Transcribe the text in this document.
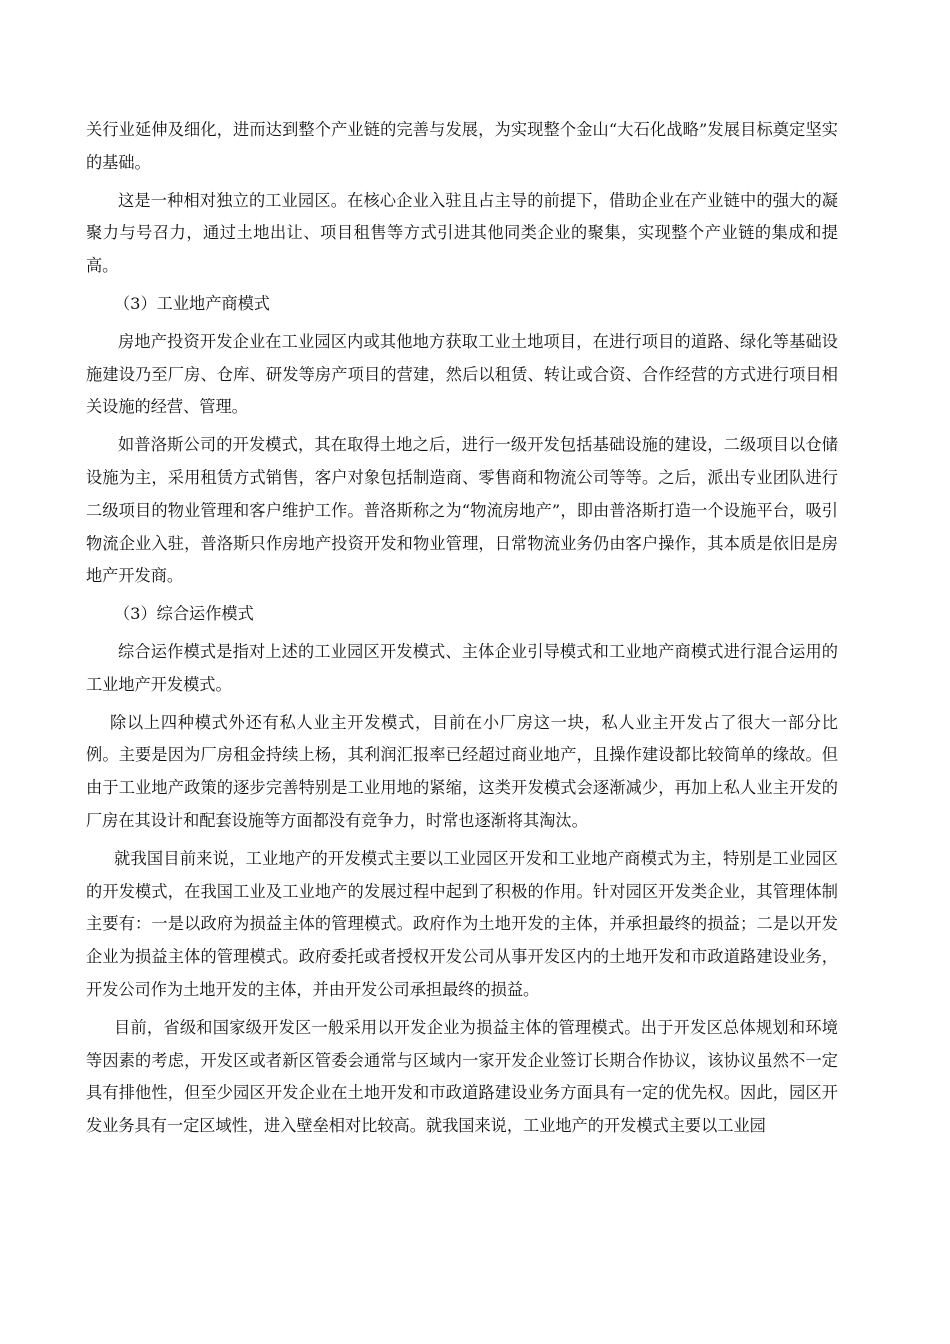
关行业延伸及细化，进而达到整个产业链的完善与发展，为实现整个金山“大石化战略”发展目标奠定坚实的基础。

这是一种相对独立的工业园区。在核心企业入驻且占主导的前提下，借助企业在产业链中的强大的凝聚力与号召力，通过土地出让、项目租售等方式引进其他同类企业的聚集，实现整个产业链的集成和提高。

（3）工业地产商模式

房地产投资开发企业在工业园区内或其他地方获取工业土地项目，在进行项目的道路、绿化等基础设施建设乃至厂房、仓库、研发等房产项目的营建，然后以租赁、转让或合资、合作经营的方式进行项目相关设施的经营、管理。

如普洛斯公司的开发模式，其在取得土地之后，进行一级开发包括基础设施的建设，二级项目以仓储设施为主，采用租赁方式销售，客户对象包括制造商、零售商和物流公司等等。之后，派出专业团队进行二级项目的物业管理和客户维护工作。普洛斯称之为“物流房地产”，即由普洛斯打造一个设施平台，吸引物流企业入驻，普洛斯只作房地产投资开发和物业管理，日常物流业务仍由客户操作，其本质是依旧是房地产开发商。

（3）综合运作模式

综合运作模式是指对上述的工业园区开发模式、主体企业引导模式和工业地产商模式进行混合运用的工业地产开发模式。

除以上四种模式外还有私人业主开发模式，目前在小厂房这一块，私人业主开发占了很大一部分比例。主要是因为厂房租金持续上杨，其利润汇报率已经超过商业地产，且操作建设都比较简单的缘故。但由于工业地产政策的逐步完善特别是工业用地的紧缩，这类开发模式会逐渐减少，再加上私人业主开发的厂房在其设计和配套设施等方面都没有竞争力，时常也逐渐将其淘汰。

就我国目前来说，工业地产的开发模式主要以工业园区开发和工业地产商模式为主，特别是工业园区的开发模式，在我国工业及工业地产的发展过程中起到了积极的作用。针对园区开发类企业，其管理体制主要有：一是以政府为损益主体的管理模式。政府作为土地开发的主体，并承担最终的损益；二是以开发企业为损益主体的管理模式。政府委托或者授权开发公司从事开发区内的土地开发和市政道路建设业务，开发公司作为土地开发的主体，并由开发公司承担最终的损益。

目前，省级和国家级开发区一般采用以开发企业为损益主体的管理模式。出于开发区总体规划和环境等因素的考虑，开发区或者新区管委会通常与区域内一家开发企业签订长期合作协议，该协议虽然不一定具有排他性，但至少园区开发企业在土地开发和市政道路建设业务方面具有一定的优先权。因此，园区开发业务具有一定区域性，进入壁垒相对比较高。就我国来说，工业地产的开发模式主要以工业园
